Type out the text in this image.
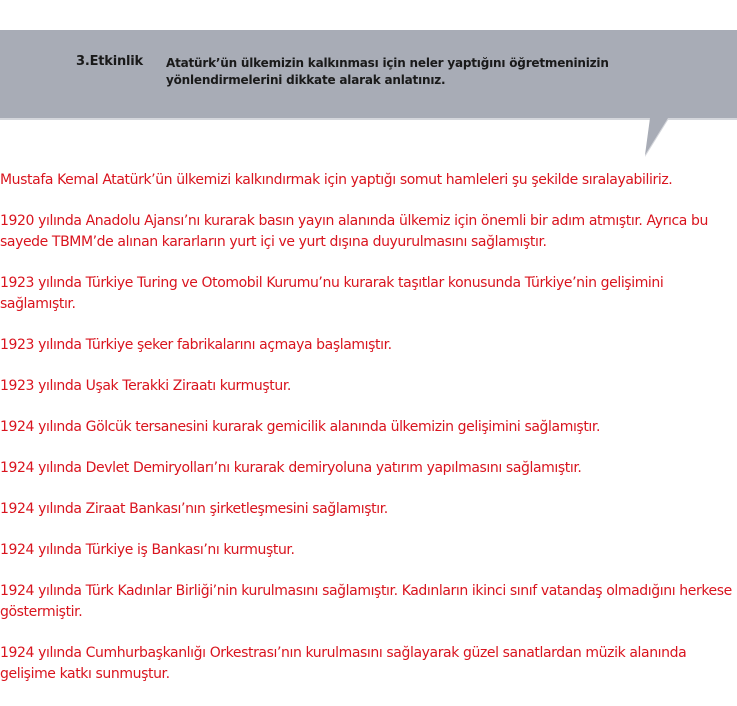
3.Etkinlik Atatürk’ün ülkemizin kalkınması için neler yaptığını öğretmeninizin
yönlendirmelerini dikkate alarak anlatınız.
Mustafa Kemal Atatürk’ün ülkemizi kalkındırmak için yaptığı somut hamleleri şu şekilde sıralayabiliriz.
1920 yılında Anadolu Ajansı’nı kurarak basın yayın alanında ülkemiz için önemli bir adım atmıştır. Ayrıca bu sayede TBMM’de alınan kararların yurt içi ve yurt dışına duyurulmasını sağlamıştır.
1923 yılında Türkiye Turing ve Otomobil Kurumu’nu kurarak taşıtlar konusunda Türkiye’nin gelişimini sağlamıştır.
1923 yılında Türkiye şeker fabrikalarını açmaya başlamıştır.
1923 yılında Uşak Terakki Ziraatı kurmuştur.
1924 yılında Gölcük tersanesini kurarak gemicilik alanında ülkemizin gelişimini sağlamıştır.
1924 yılında Devlet Demiryolları’nı kurarak demiryoluna yatırım yapılmasını sağlamıştır.
1924 yılında Ziraat Bankası’nın şirketleşmesini sağlamıştır.
1924 yılında Türkiye iş Bankası’nı kurmuştur.
1924 yılında Türk Kadınlar Birliği’nin kurulmasını sağlamıştır. Kadınların ikinci sınıf vatandaş olmadığını herkese göstermiştir.
1924 yılında Cumhurbaşkanlığı Orkestrası’nın kurulmasını sağlayarak güzel sanatlardan müzik alanında gelişime katkı sunmuştur.
